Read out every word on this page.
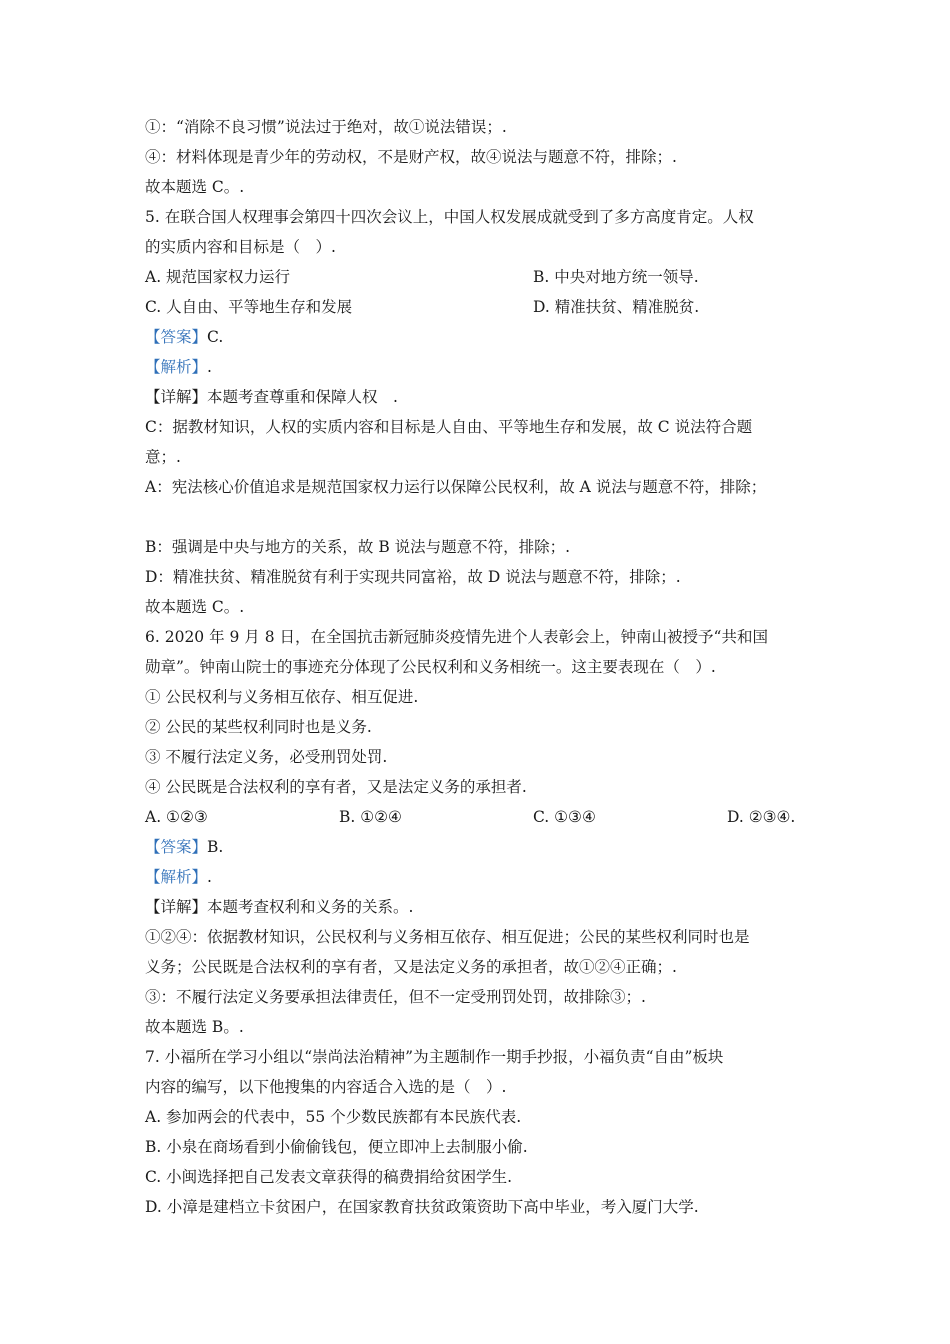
①：“消除不良习惯”说法过于绝对，故①说法错误；.
④：材料体现是青少年的劳动权，不是财产权，故④说法与题意不符，排除；.
故本题选 C。.
5. 在联合国人权理事会第四十四次会议上，中国人权发展成就受到了多方高度肯定。人权
的实质内容和目标是（　）.
A. 规范国家权力运行	B. 中央对地方统一领导.
C. 人自由、平等地生存和发展	D. 精准扶贫、精准脱贫.
【答案】C.
【解析】.
【详解】本题考查尊重和保障人权　.
C：据教材知识，人权的实质内容和目标是人自由、平等地生存和发展，故 C 说法符合题
意；.
A：宪法核心价值追求是规范国家权力运行以保障公民权利，故 A 说法与题意不符，排除；
B：强调是中央与地方的关系，故 B 说法与题意不符，排除；.
D：精准扶贫、精准脱贫有利于实现共同富裕，故 D 说法与题意不符，排除；.
故本题选 C。.
6. 2020 年 9 月 8 日，在全国抗击新冠肺炎疫情先进个人表彰会上，钟南山被授予“共和国
勋章”。钟南山院士的事迹充分体现了公民权利和义务相统一。这主要表现在（　）.
① 公民权利与义务相互依存、相互促进.
② 公民的某些权利同时也是义务.
③ 不履行法定义务，必受刑罚处罚.
④ 公民既是合法权利的享有者，又是法定义务的承担者.
A. ①②③	B. ①②④	C. ①③④	D. ②③④.
【答案】B.
【解析】.
【详解】本题考查权利和义务的关系。.
①②④：依据教材知识，公民权利与义务相互依存、相互促进；公民的某些权利同时也是
义务；公民既是合法权利的享有者，又是法定义务的承担者，故①②④正确；.
③：不履行法定义务要承担法律责任，但不一定受刑罚处罚，故排除③；.
故本题选 B。.
7. 小福所在学习小组以“崇尚法治精神”为主题制作一期手抄报，小福负责“自由”板块
内容的编写，以下他搜集的内容适合入选的是（　）.
A. 参加两会的代表中，55 个少数民族都有本民族代表.
B. 小泉在商场看到小偷偷钱包，便立即冲上去制服小偷.
C. 小闽选择把自己发表文章获得的稿费捐给贫困学生.
D. 小漳是建档立卡贫困户，在国家教育扶贫政策资助下高中毕业，考入厦门大学.
